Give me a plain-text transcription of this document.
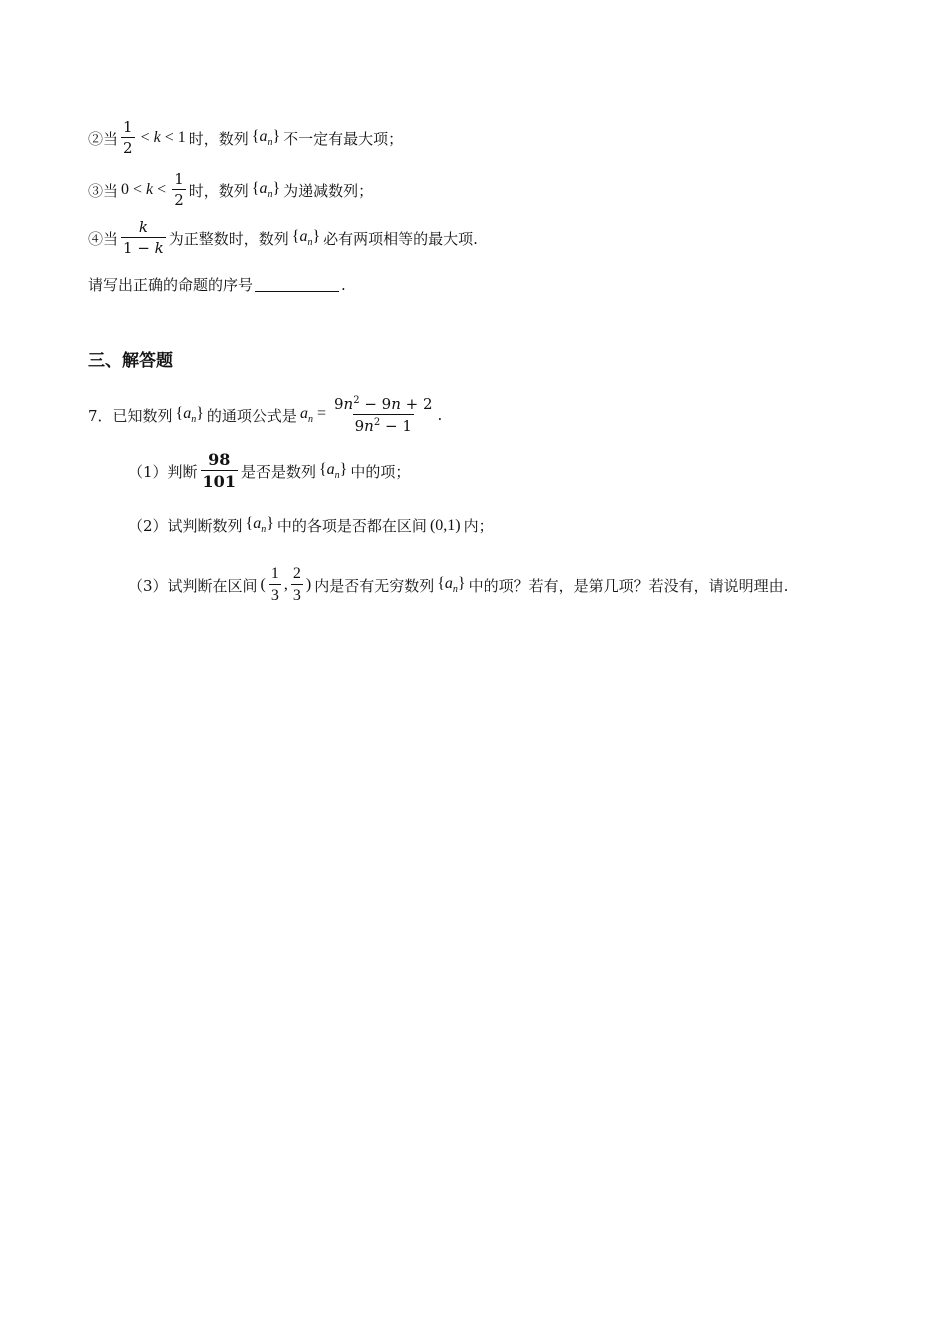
②当 $\frac{1}{2} < k < 1$ 时，数列 $\{a_n\}$ 不一定有最大项；
③当 $0 < k < \frac{1}{2}$ 时，数列 $\{a_n\}$ 为递减数列；
④当 $\frac{k}{1 - k}$ 为正整数时，数列 $\{a_n\}$ 必有两项相等的最大项.
请写出正确的命题的序号	.
三、解答题
7．已知数列 $\{a_n\}$ 的通项公式是 $a_n = \frac{9n^2 - 9n + 2}{9n^2 - 1}$ .
（1）判断 $\frac{98}{101}$ 是否是数列 $\{a_n\}$ 中的项；
（2）试判断数列 $\{a_n\}$ 中的各项是否都在区间 (0,1) 内；
（3）试判断在区间 ( $\frac{1}{3}$ , $\frac{2}{3}$ ) 内是否有无穷数列 $\{a_n\}$ 中的项？若有，是第几项？若没有，请说明理由.
